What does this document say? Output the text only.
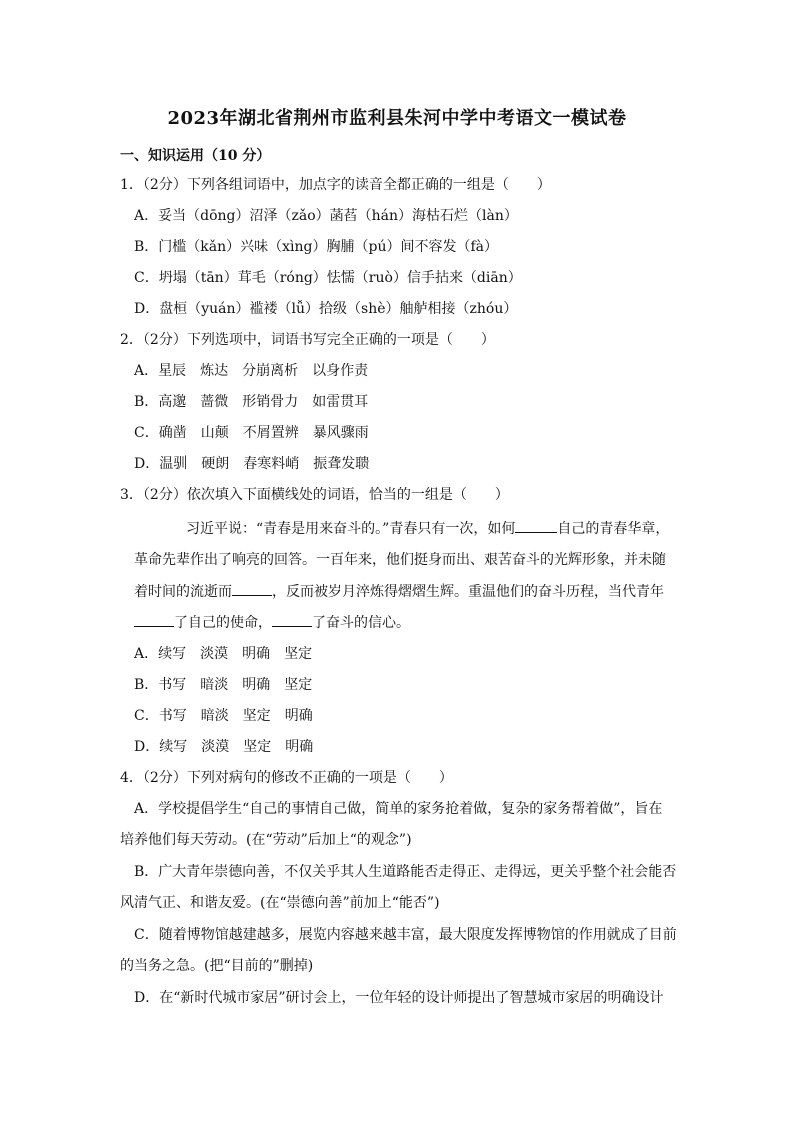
2023年湖北省荆州市监利县朱河中学中考语文一模试卷
一、知识运用（10 分）
1．（2分）下列各组词语中，加点字的读音全都正确的一组是（　　）
A．妥当（dōng）沼泽（zǎo）菡萏（hán）海枯石烂（làn）
B．门槛（kǎn）兴味（xìng）胸脯（pú）间不容发（fà）
C．坍塌（tān）茸毛（róng）怯懦（ruò）信手拈来（diān）
D．盘桓（yuán）褴褛（lǚ）拾级（shè）舳舻相接（zhóu）
2．（2分）下列选项中，词语书写完全正确的一项是（　　）
A．星辰　炼达　分崩离析　以身作责
B．高邈　蔷微　形销骨力　如雷贯耳
C．确凿　山颠　不屑置辨　暴风骤雨
D．温驯　硬朗　春寒料峭　振聋发聩
3．（2分）依次填入下面横线处的词语，恰当的一组是（　　）
习近平说：“青春是用来奋斗的。”青春只有一次，如何	自己的青春华章，
革命先辈作出了响亮的回答。一百年来，他们挺身而出、艰苦奋斗的光辉形象，并未随
着时间的流逝而	，反而被岁月淬炼得熠熠生辉。重温他们的奋斗历程，当代青年
了自己的使命，	了奋斗的信心。
A．续写　淡漠　明确　坚定
B．书写　暗淡　明确　坚定
C．书写　暗淡　坚定　明确
D．续写　淡漠　坚定　明确
4．（2分）下列对病句的修改不正确的一项是（　　）
A．学校提倡学生“自己的事情自己做，简单的家务抢着做，复杂的家务帮着做”，旨在
培养他们每天劳动。(在“劳动”后加上“的观念”)
B．广大青年崇德向善，不仅关乎其人生道路能否走得正、走得远，更关乎整个社会能否
风清气正、和谐友爱。(在“崇德向善”前加上“能否”)
C．随着博物馆越建越多，展览内容越来越丰富，最大限度发挥博物馆的作用就成了目前
的当务之急。(把“目前的”删掉)
D．在“新时代城市家居”研讨会上，一位年轻的设计师提出了智慧城市家居的明确设计
